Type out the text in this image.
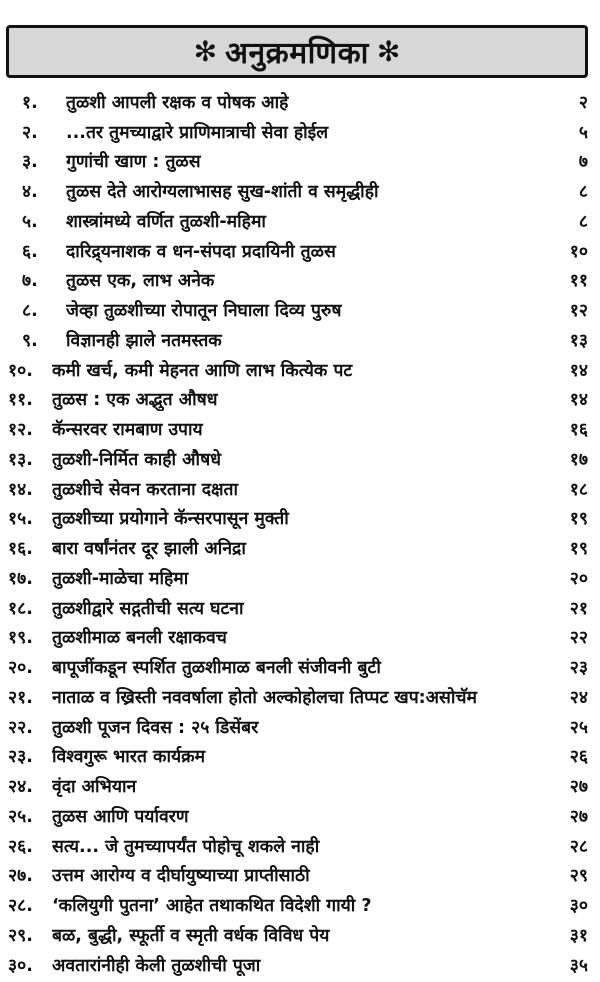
✻ अनुक्रमणिका ✻
१.	तुळशी आपली रक्षक व पोषक आहे	२
२.	...तर तुमच्याद्वारे प्राणिमात्राची सेवा होईल	५
३.	गुणांची खाण : तुळस	७
४.	तुळस देते आरोग्यलाभासह सुख-शांती व समृद्धीही	८
५.	शास्त्रांमध्ये वर्णित तुळशी-महिमा	८
६.	दारिद्र्यनाशक व धन-संपदा प्रदायिनी तुळस	१०
७.	तुळस एक, लाभ अनेक	११
८.	जेव्हा तुळशीच्या रोपातून निघाला दिव्य पुरुष	१२
९.	विज्ञानही झाले नतमस्तक	१३
१०.	कमी खर्च, कमी मेहनत आणि लाभ कित्येक पट	१४
११.	तुळस : एक अद्भुत औषध	१४
१२.	कॅन्सरवर रामबाण उपाय	१६
१३.	तुळशी-निर्मित काही औषधे	१७
१४.	तुळशीचे सेवन करताना दक्षता	१८
१५.	तुळशीच्या प्रयोगाने कॅन्सरपासून मुक्ती	१९
१६.	बारा वर्षांनंतर दूर झाली अनिद्रा	१९
१७.	तुळशी-माळेचा महिमा	२०
१८.	तुळशीद्वारे सद्गतीची सत्य घटना	२१
१९.	तुळशीमाळ बनली रक्षाकवच	२२
२०.	बापूजींकडून स्पर्शित तुळशीमाळ बनली संजीवनी बुटी	२३
२१.	नाताळ व ख्रिस्ती नववर्षाला होतो अल्कोहोलचा तिप्पट खप:असोचॅम	२४
२२.	तुळशी पूजन दिवस : २५ डिसेंबर	२५
२३.	विश्वगुरू भारत कार्यक्रम	२६
२४.	वृंदा अभियान	२७
२५.	तुळस आणि पर्यावरण	२७
२६.	सत्य... जे तुमच्यापर्यंत पोहोचू शकले नाही	२८
२७.	उत्तम आरोग्य व दीर्घायुष्याच्या प्राप्तीसाठी	२९
२८.	‘कलियुगी पुतना’ आहेत तथाकथित विदेशी गायी ?	३०
२९.	बळ, बुद्धी, स्फूर्ती व स्मृती वर्धक विविध पेय	३१
३०.	अवतारांनीही केली तुळशीची पूजा	३५
